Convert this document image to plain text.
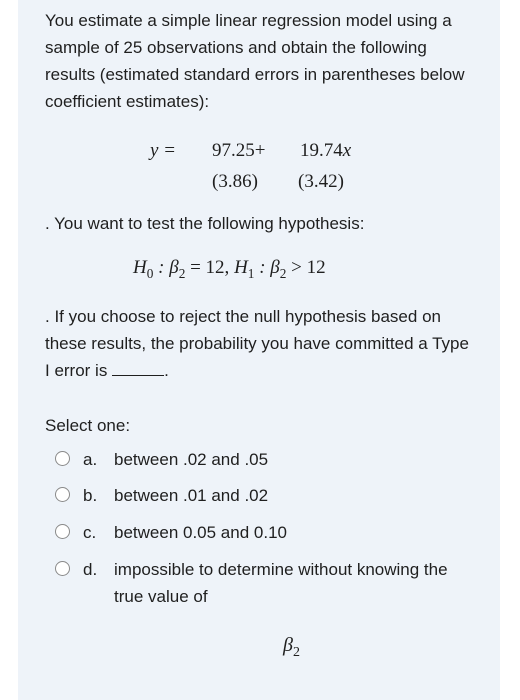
You estimate a simple linear regression model using a sample of 25 observations and obtain the following results (estimated standard errors in parentheses below coefficient estimates):

y = 97.25+ 19.74x
(3.86) (3.42)

. You want to test the following hypothesis:

$H_0$ : $\beta_2 = 12$, $H_1$ : $\beta_2 > 12$

. If you choose to reject the null hypothesis based on these results, the probability you have committed a Type I error is	.

Select one:

a. between .02 and .05
b. between .01 and .02
c. between 0.05 and 0.10
d. impossible to determine without knowing the true value of
$\beta_2$
